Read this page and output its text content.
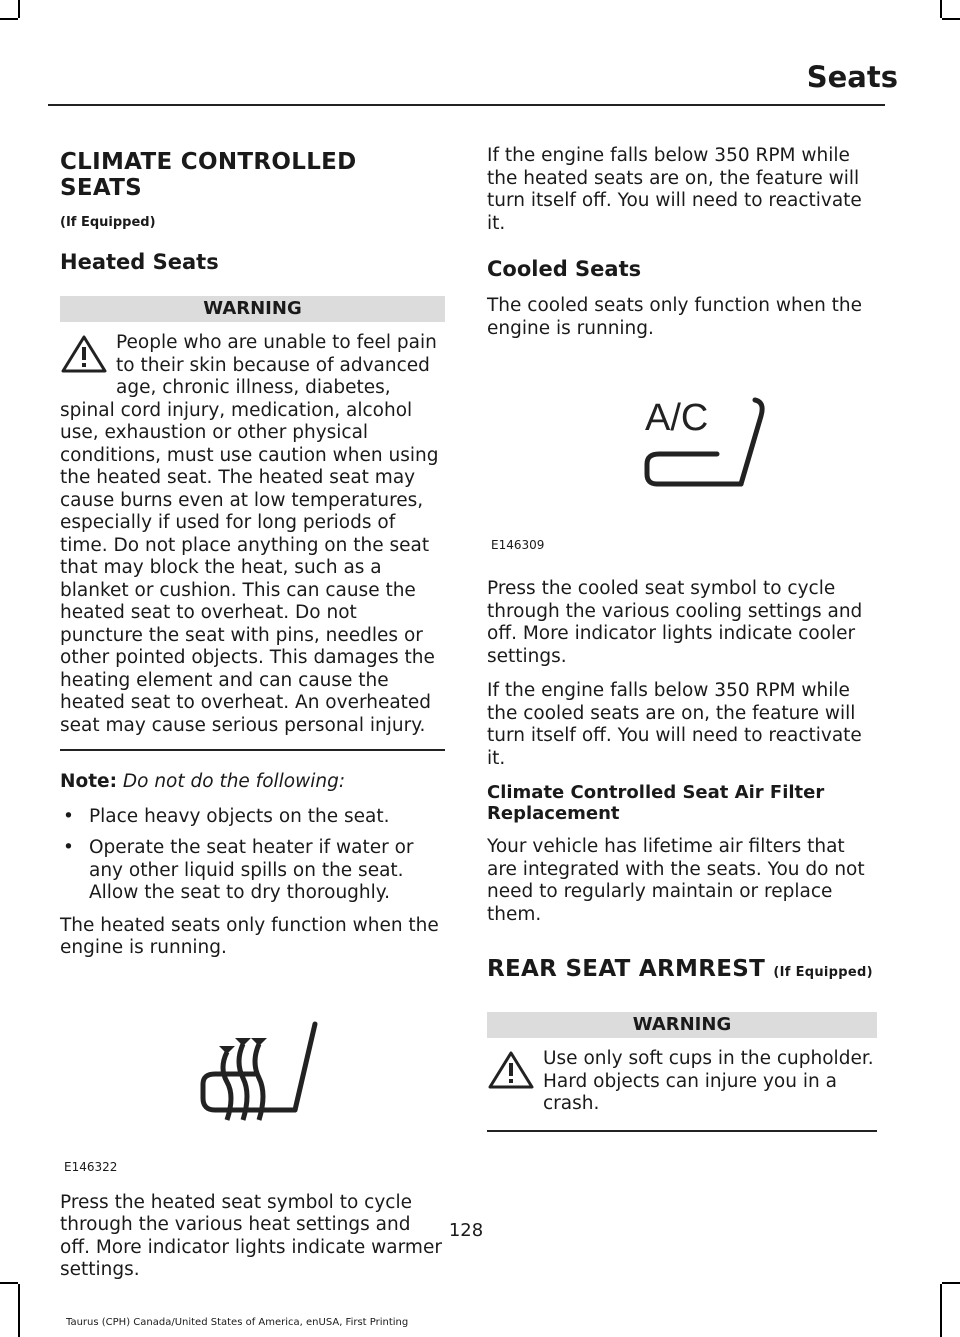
Seats
CLIMATE CONTROLLED SEATS
(If Equipped)
Heated Seats
WARNING

People who are unable to feel pain to their skin because of advanced age, chronic illness, diabetes, spinal cord injury, medication, alcohol use, exhaustion or other physical conditions, must use caution when using the heated seat. The heated seat may cause burns even at low temperatures, especially if used for long periods of time. Do not place anything on the seat that may block the heat, such as a blanket or cushion. This can cause the heated seat to overheat. Do not puncture the seat with pins, needles or other pointed objects. This damages the heating element and can cause the heated seat to overheat. An overheated seat may cause serious personal injury.

Note: Do not do the following:

• Place heavy objects on the seat.
• Operate the seat heater if water or any other liquid spills on the seat. Allow the seat to dry thoroughly.

The heated seats only function when the engine is running.

E146322

Press the heated seat symbol to cycle through the various heat settings and off. More indicator lights indicate warmer settings.

If the engine falls below 350 RPM while the heated seats are on, the feature will turn itself off. You will need to reactivate it.

Cooled Seats

The cooled seats only function when the engine is running.

A/C
E146309

Press the cooled seat symbol to cycle through the various cooling settings and off. More indicator lights indicate cooler settings.

If the engine falls below 350 RPM while the cooled seats are on, the feature will turn itself off. You will need to reactivate it.

Climate Controlled Seat Air Filter Replacement

Your vehicle has lifetime air filters that are integrated with the seats. You do not need to regularly maintain or replace them.

REAR SEAT ARMREST (If Equipped)
WARNING

Use only soft cups in the cupholder. Hard objects can injure you in a crash.

128
Taurus (CPH) Canada/United States of America, enUSA, First Printing
